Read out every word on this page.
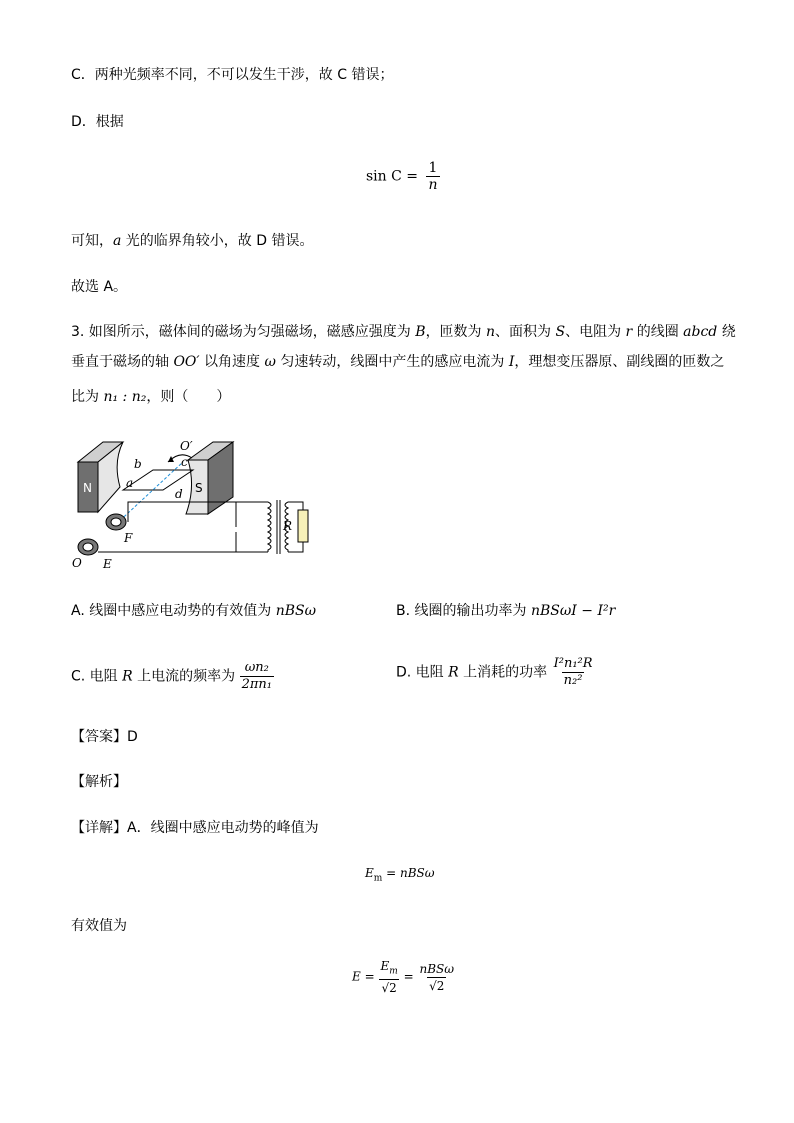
C．两种光频率不同，不可以发生干涉，故 C 错误；
D．根据
$\sin C = \frac{1}{n}$
可知，a 光的临界角较小，故 D 错误。
故选 A。
3. 如图所示，磁体间的磁场为匀强磁场，磁感应强度为 B，匝数为 n、面积为 S、电阻为 r 的线圈 abcd 绕
垂直于磁场的轴 OO′ 以角速度 ω 匀速转动，线圈中产生的感应电流为 I，理想变压器原、副线圈的匝数之
比为 n₁ : n₂，则（　　）
N	S
R
b
a
c
d
O′
O
F
E
A. 线圈中感应电动势的有效值为 nBSω	B. 线圈的输出功率为 nBSωI − I²r
C. 电阻 R 上电流的频率为 $\frac{\text{ωn₂}}{\text{2πn₁}}$	D. 电阻 R 上消耗的功率 $\frac{\text{I²n₁²R}}{\text{n₂²}}$
【答案】D
【解析】
【详解】A．线圈中感应电动势的峰值为
$E_m = nBS\omega$
有效值为
$E = \frac{E_m}{√2} = \frac{\text{nBSω}}{√2}$
